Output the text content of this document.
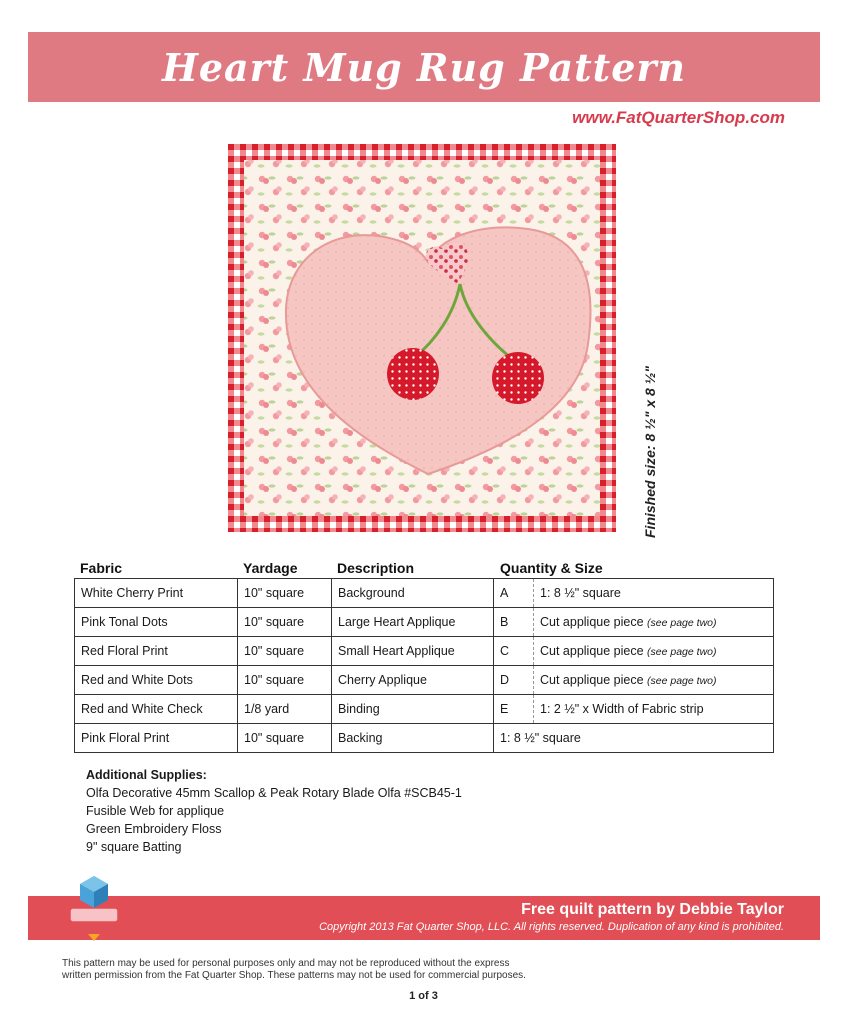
Heart Mug Rug Pattern
www.FatQuarterShop.com
Finished size: 8 ½" x 8 ½"
Fabric	Yardage	Description	Quantity & Size
White Cherry Print	10" square	Background	A	1: 8 ½" square
Pink Tonal Dots	10" square	Large Heart Applique	B	Cut applique piece (see page two)
Red Floral Print	10" square	Small Heart Applique	C	Cut applique piece (see page two)
Red and White Dots	10" square	Cherry Applique	D	Cut applique piece (see page two)
Red and White Check	1/8 yard	Binding	E	1: 2 ½" x Width of Fabric strip
Pink Floral Print	10" square	Backing	1: 8 ½" square	
Additional Supplies:
Olfa Decorative 45mm Scallop & Peak Rotary Blade Olfa #SCB45-1
Fusible Web for applique
Green Embroidery Floss
9" square Batting
Free quilt pattern by Debbie Taylor
Copyright 2013 Fat Quarter Shop, LLC. All rights reserved. Duplication of any kind is prohibited.
This pattern may be used for personal purposes only and may not be reproduced without the express
written permission from the Fat Quarter Shop. These patterns may not be used for commercial purposes.
1 of 3
